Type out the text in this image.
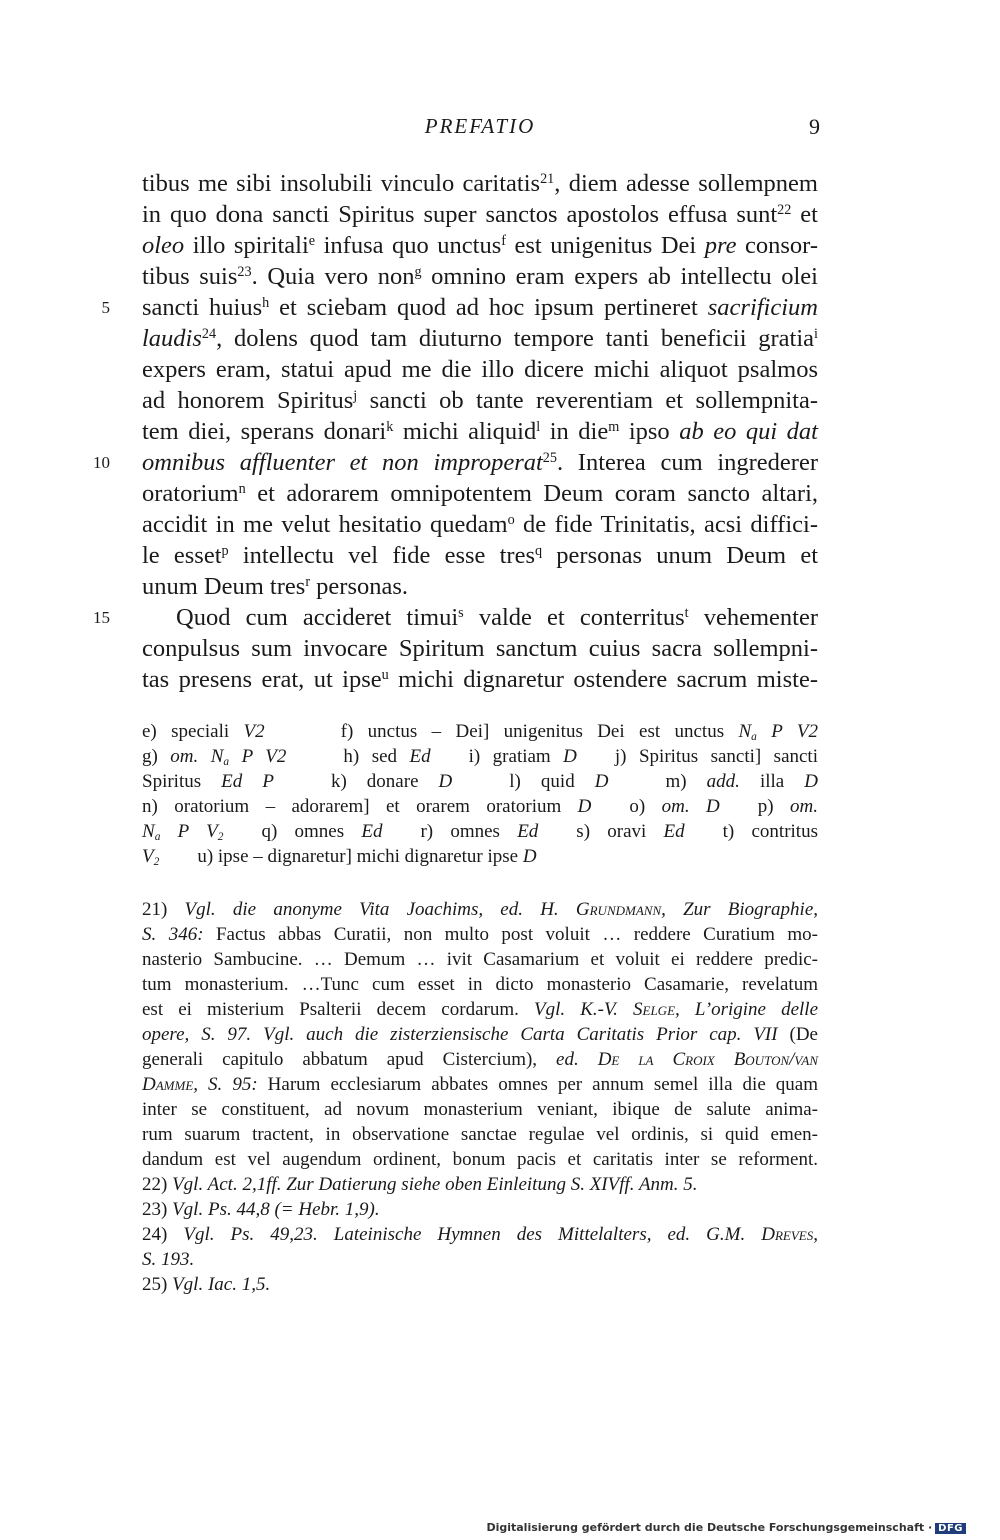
PREFATIO	9
tibus me sibi insolubili vinculo caritatis$^{21}$, diem adesse sollempnem
in quo dona sancti Spiritus super sanctos apostolos effusa sunt$^{22}$ et
oleo illo spiritali$^e$ infusa quo unctus$^f$ est unigenitus Dei pre consor-
tibus suis$^{23}$. Quia vero non$^g$ omnino eram expers ab intellectu olei
5 sancti huius$^h$ et sciebam quod ad hoc ipsum pertineret sacrificium
laudis$^{24}$, dolens quod tam diuturno tempore tanti beneficii gratia$^i$
expers eram, statui apud me die illo dicere michi aliquot psalmos
ad honorem Spiritus$^j$ sancti ob tante reverentiam et sollempnita-
tem diei, sperans donari$^k$ michi aliquid$^l$ in die$^m$ ipso ab eo qui dat
10 omnibus affluenter et non improperat$^{25}$. Interea cum ingrederer
oratorium$^n$ et adorarem omnipotentem Deum coram sancto altari,
accidit in me velut hesitatio quedam$^o$ de fide Trinitatis, acsi diffici-
le esset$^p$ intellectu vel fide esse tres$^q$ personas unum Deum et
unum Deum tres$^r$ personas.
15	Quod cum accideret timui$^s$ valde et conterritus$^t$ vehementer
conpulsus sum invocare Spiritum sanctum cuius sacra sollempni-
tas presens erat, ut ipse$^u$ michi dignaretur ostendere sacrum miste-
e) speciali V2    f) unctus – Dei] unigenitus Dei est unctus $N_a$ P V2
g) om. $N_a$ P V2   h) sed Ed  i) gratiam D  j) Spiritus sancti] sancti
Spiritus Ed P   k) donare D   l) quid D   m) add. illa D
n) oratorium – adorarem] et orarem oratorium D  o) om. D  p) om.
$N_a$ P $V_2$  q) omnes Ed  r) omnes Ed  s) oravi Ed  t) contritus
$V_2$  u) ipse – dignaretur] michi dignaretur ipse D
21) Vgl. die anonyme Vita Joachims, ed. H. Grundmann, Zur Biographie,
S. 346: Factus abbas Curatii, non multo post voluit … reddere Curatium mo-
nasterio Sambucine. … Demum … ivit Casamarium et voluit ei reddere predic-
tum monasterium. …Tunc cum esset in dicto monasterio Casamarie, revelatum
est ei misterium Psalterii decem cordarum. Vgl. K.-V. Selge, L’origine delle
opere, S. 97. Vgl. auch die zisterziensische Carta Caritatis Prior cap. VII (De
generali capitulo abbatum apud Cistercium), ed. De la Croix Bouton/van
Damme, S. 95: Harum ecclesiarum abbates omnes per annum semel illa die quam
inter se constituent, ad novum monasterium veniant, ibique de salute anima-
rum suarum tractent, in observatione sanctae regulae vel ordinis, si quid emen-
dandum est vel augendum ordinent, bonum pacis et caritatis inter se reforment.
22) Vgl. Act. 2,1ff. Zur Datierung siehe oben Einleitung S. XIVff. Anm. 5.
23) Vgl. Ps. 44,8 (= Hebr. 1,9).
24) Vgl. Ps. 49,23. Lateinische Hymnen des Mittelalters, ed. G.M. Dreves,
S. 193.
25) Vgl. Iac. 1,5.
Digitalisierung gefördert durch die Deutsche Forschungsgemeinschaft · DFG
